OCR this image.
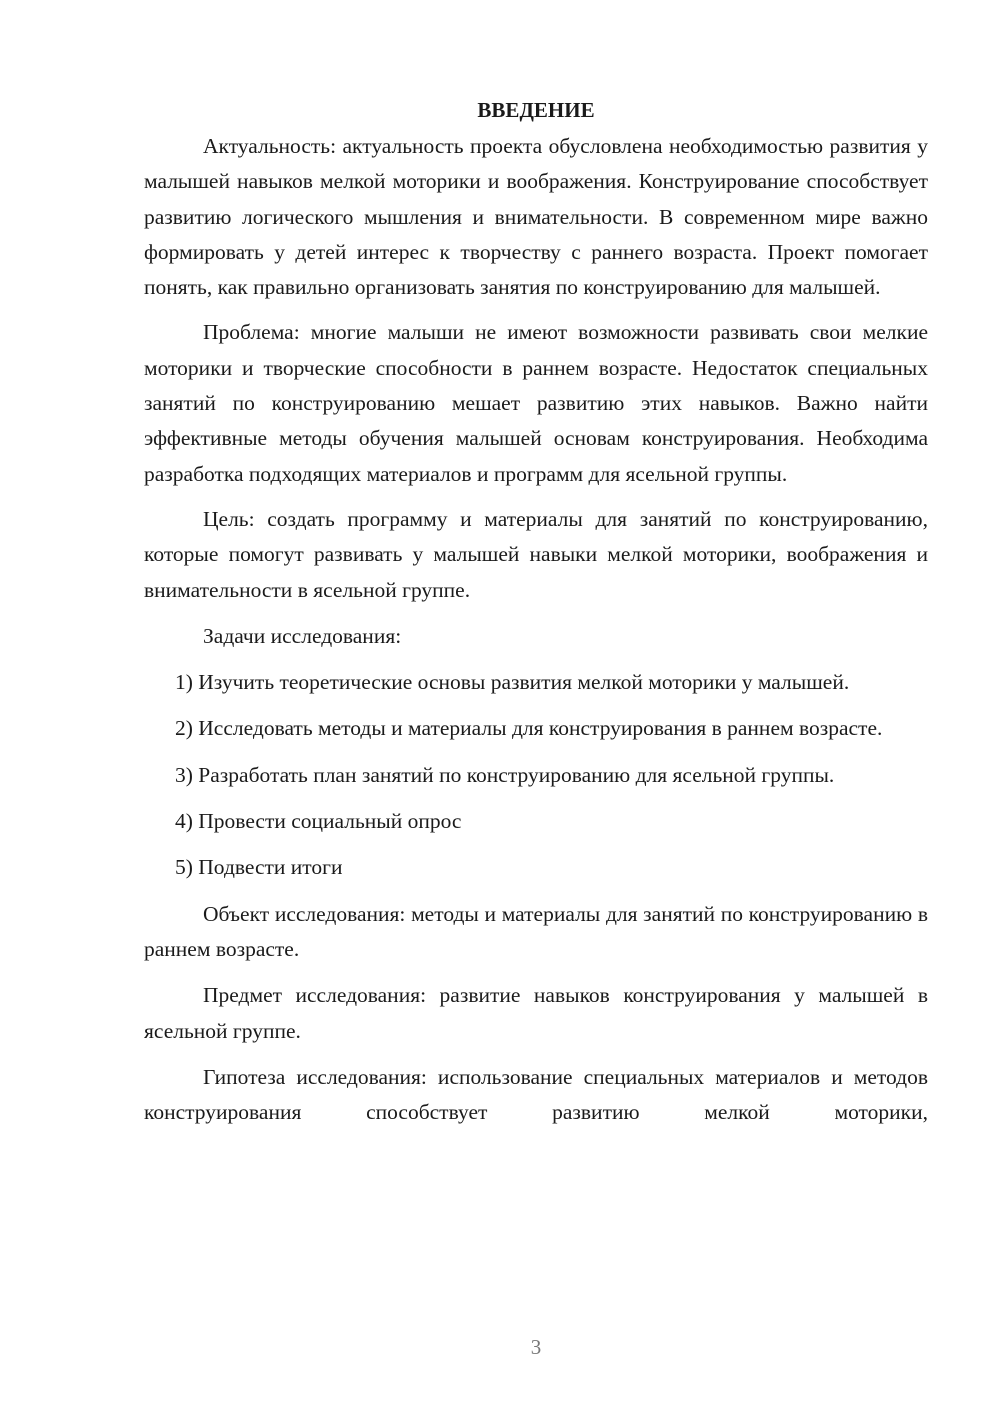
ВВЕДЕНИЕ

Актуальность: актуальность проекта обусловлена необходимостью развития у малышей навыков мелкой моторики и воображения. Конструирование способствует развитию логического мышления и внимательности. В современном мире важно формировать у детей интерес к творчеству с раннего возраста. Проект помогает понять, как правильно организовать занятия по конструированию для малышей.

Проблема: многие малыши не имеют возможности развивать свои мелкие моторики и творческие способности в раннем возрасте. Недостаток специальных занятий по конструированию мешает развитию этих навыков. Важно найти эффективные методы обучения малышей основам конструирования. Необходима разработка подходящих материалов и программ для ясельной группы.

Цель: создать программу и материалы для занятий по конструированию, которые помогут развивать у малышей навыки мелкой моторики, воображения и внимательности в ясельной группе.

Задачи исследования:

1) Изучить теоретические основы развития мелкой моторики у малышей.

2) Исследовать методы и материалы для конструирования в раннем возрасте.

3) Разработать план занятий по конструированию для ясельной группы.

4) Провести социальный опрос

5) Подвести итоги

Объект исследования: методы и материалы для занятий по конструированию в раннем возрасте.

Предмет исследования: развитие навыков конструирования у малышей в ясельной группе.

Гипотеза исследования: использование специальных материалов и методов конструирования способствует развитию мелкой моторики,

3
